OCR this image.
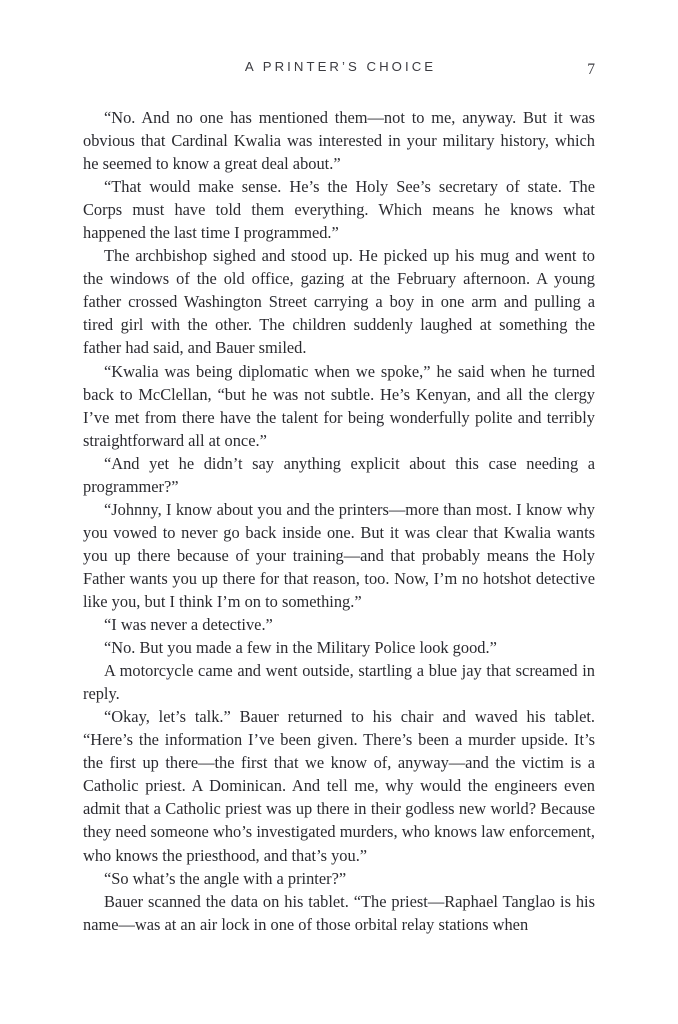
A PRINTER’S CHOICE	7

“No. And no one has mentioned them—not to me, anyway. But it was obvious that Cardinal Kwalia was interested in your military history, which he seemed to know a great deal about.”

“That would make sense. He’s the Holy See’s secretary of state. The Corps must have told them everything. Which means he knows what happened the last time I programmed.”

The archbishop sighed and stood up. He picked up his mug and went to the windows of the old office, gazing at the February afternoon. A young father crossed Washington Street carrying a boy in one arm and pulling a tired girl with the other. The children suddenly laughed at something the father had said, and Bauer smiled.

“Kwalia was being diplomatic when we spoke,” he said when he turned back to McClellan, “but he was not subtle. He’s Kenyan, and all the clergy I’ve met from there have the talent for being wonderfully polite and terribly straightforward all at once.”

“And yet he didn’t say anything explicit about this case needing a programmer?”

“Johnny, I know about you and the printers—more than most. I know why you vowed to never go back inside one. But it was clear that Kwalia wants you up there because of your training—and that probably means the Holy Father wants you up there for that reason, too. Now, I’m no hotshot detective like you, but I think I’m on to something.”

“I was never a detective.”

“No. But you made a few in the Military Police look good.”

A motorcycle came and went outside, startling a blue jay that screamed in reply.

“Okay, let’s talk.” Bauer returned to his chair and waved his tablet. “Here’s the information I’ve been given. There’s been a murder upside. It’s the first up there—the first that we know of, anyway—and the victim is a Catholic priest. A Dominican. And tell me, why would the engineers even admit that a Catholic priest was up there in their godless new world? Because they need someone who’s investigated murders, who knows law enforcement, who knows the priesthood, and that’s you.”

“So what’s the angle with a printer?”

Bauer scanned the data on his tablet. “The priest—Raphael Tanglao is his name—was at an air lock in one of those orbital relay stations when
